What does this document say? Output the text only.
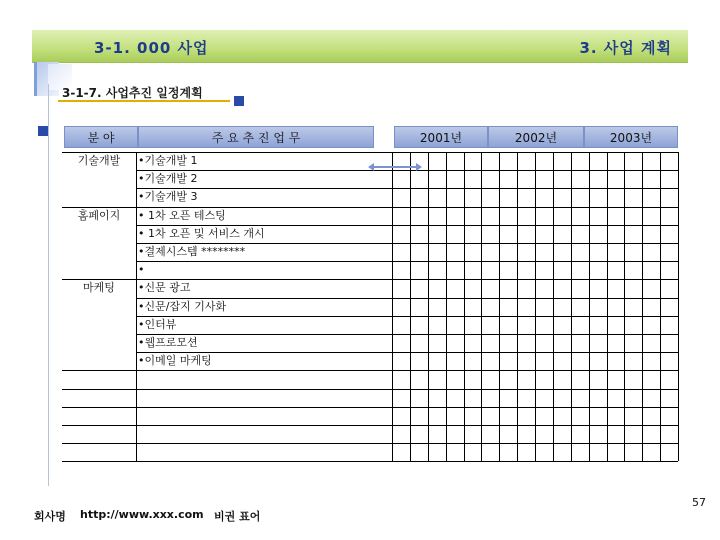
3-1. 000 사업	3. 사업 계획
3-1-7. 사업추진 일정계획
분 야	주 요 추 진 업 무	2001년	2002년	2003년
기술개발	•기술개발 1
•기술개발 2
•기술개발 3
홈페이지	• 1차 오픈 테스팅
• 1차 오픈 및 서비스 개시
•결제시스템 ********
•
마케팅	•신문 광고
•신문/잡지 기사화
•인터뷰
•웹프로모션
•이메일 마케팅
회사명 http://www.xxx.com 비권 표어
57
